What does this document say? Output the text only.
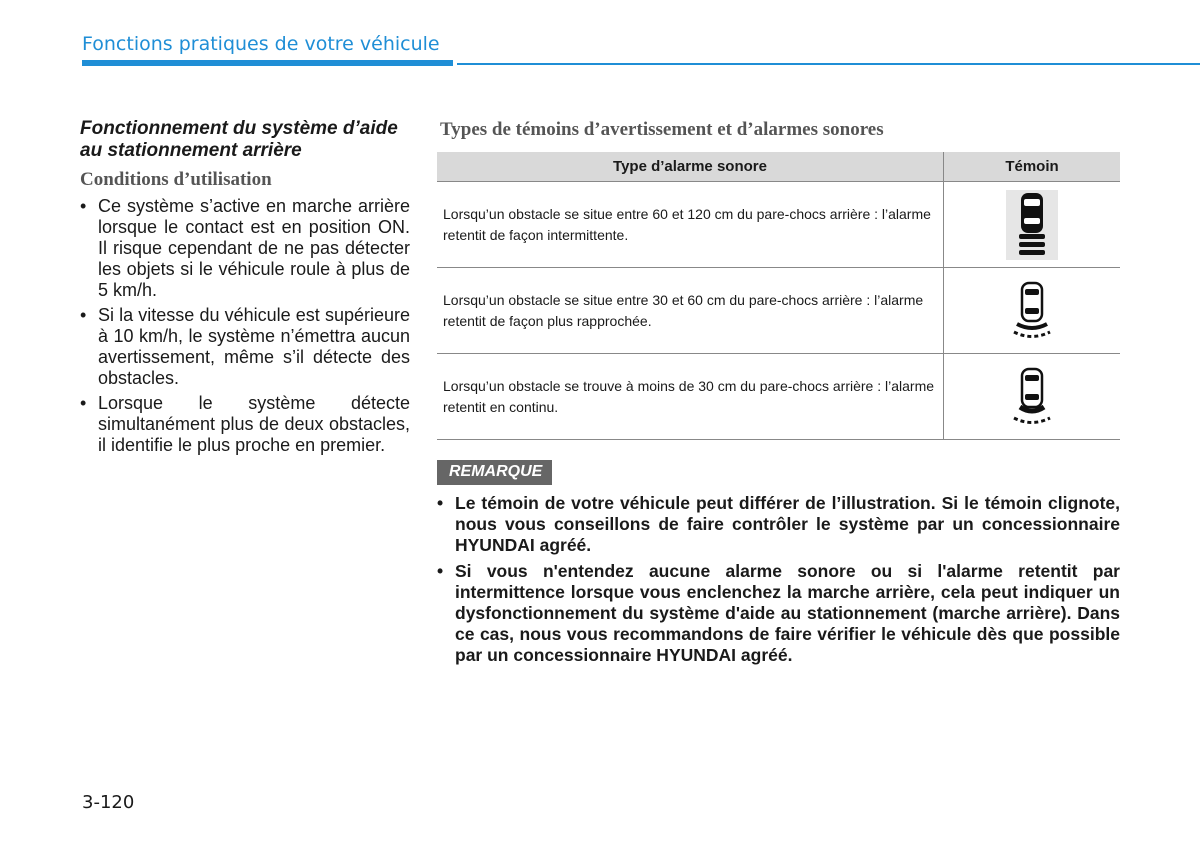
Fonctions pratiques de votre véhicule
Fonctionnement du système d’aide au stationnement arrière
Conditions d’utilisation
• Ce système s’active en marche arrière lorsque le contact est en position ON. Il risque cependant de ne pas détecter les objets si le véhicule roule à plus de 5 km/h.
• Si la vitesse du véhicule est supérieure à 10 km/h, le système n’émettra aucun avertissement, même s’il détecte des obstacles.
• Lorsque le système détecte simultanément plus de deux obstacles, il identifie le plus proche en premier.
Types de témoins d’avertissement et d’alarmes sonores
Type d’alarme sonore	Témoin
Lorsqu’un obstacle se situe entre 60 et 120 cm du pare-chocs arrière : l’alarme retentit de façon intermittente.	

Lorsqu’un obstacle se situe entre 30 et 60 cm du pare-chocs arrière : l’alarme retentit de façon plus rapprochée.	

Lorsqu’un obstacle se trouve à moins de 30 cm du pare-chocs arrière : l’alarme retentit en continu.	
REMARQUE
• Le témoin de votre véhicule peut différer de l’illustration. Si le témoin clignote, nous vous conseillons de faire contrôler le système par un concessionnaire HYUNDAI agréé.
• Si vous n'entendez aucune alarme sonore ou si l'alarme retentit par intermittence lorsque vous enclenchez la marche arrière, cela peut indiquer un dysfonctionnement du système d'aide au stationnement (marche arrière). Dans ce cas, nous vous recommandons de faire vérifier le véhicule dès que possible par un concessionnaire HYUNDAI agréé.
3-120
